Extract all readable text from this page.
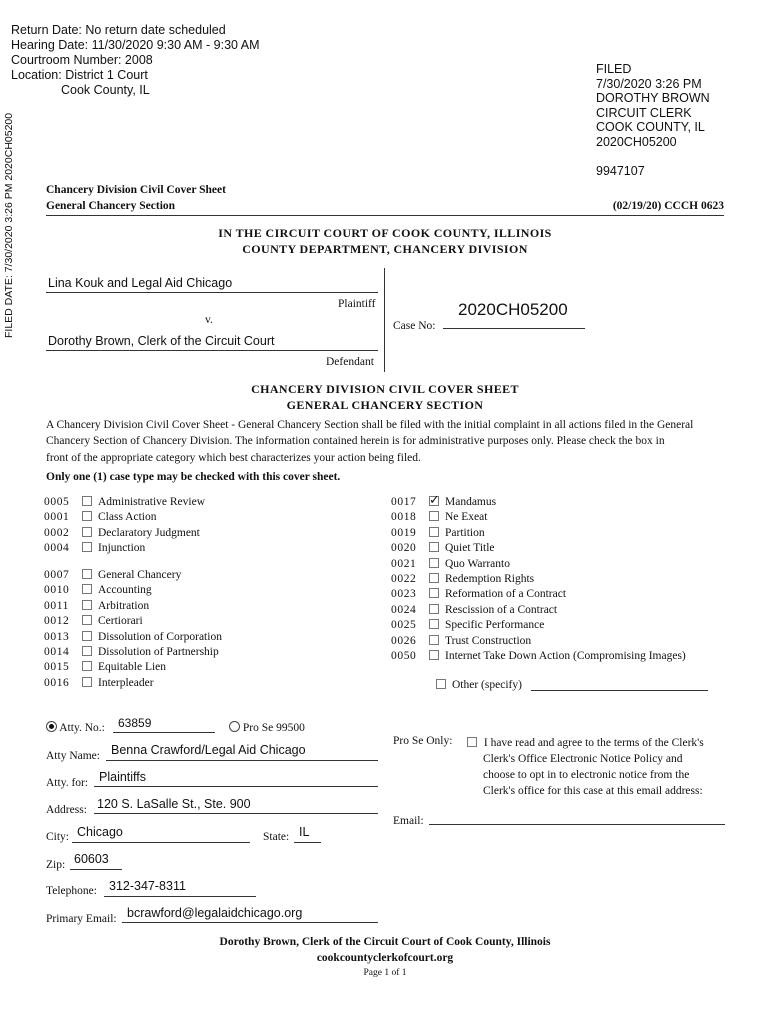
Return Date: No return date scheduled
Hearing Date: 11/30/2020 9:30 AM - 9:30 AM
Courtroom Number: 2008
Location: District 1 Court
Cook County, IL
FILED
7/30/2020 3:26 PM
DOROTHY BROWN
CIRCUIT CLERK
COOK COUNTY, IL
2020CH05200
9947107
FILED DATE: 7/30/2020 3:26 PM 2020CH05200	Chancery Division Civil Cover Sheet
General Chancery Section	(02/19/20) CCCH 0623
IN THE CIRCUIT COURT OF COOK COUNTY, ILLINOIS
COUNTY DEPARTMENT, CHANCERY DIVISION
Lina Kouk and Legal Aid Chicago
Plaintiff
v.
Dorothy Brown, Clerk of the Circuit Court
Defendant
Case No:
2020CH05200
CHANCERY DIVISION CIVIL COVER SHEET
GENERAL CHANCERY SECTION
A Chancery Division Civil Cover Sheet - General Chancery Section shall be filed with the initial complaint in all actions filed in the General
Chancery Section of Chancery Division. The information contained herein is for administrative purposes only. Please check the box in
front of the appropriate category which best characterizes your action being filed.
Only one (1) case type may be checked with this cover sheet.
0005 Administrative Review
0001 Class Action
0002 Declaratory Judgment
0004 Injunction
0007 General Chancery
0010 Accounting
0011	Arbitration
0012 Certiorari
0013 Dissolution of Corporation
0014 Dissolution of Partnership
0015 Equitable Lien
0016 Interpleader
0017 ✓ Mandamus
0018 Ne Exeat
0019 Partition
0020 Quiet Title
0021 Quo Warranto
0022 Redemption Rights
0023 Reformation of a Contract
0024 Rescission of a Contract
0025 Specific Performance
0026 Trust Construction
0050 Internet Take Down Action (Compromising Images)
Other (specify)
Atty. No.: 63859	Pro Se 99500
Atty Name: Benna Crawford/Legal Aid Chicago
Atty. for: Plaintiffs
Address: 120 S. LaSalle St., Ste. 900
City: Chicago	State: IL
Zip: 60603
Telephone: 312-347-8311
Primary Email: bcrawford@legalaidchicago.org
Pro Se Only:	I have read and agree to the terms of the Clerk's
Clerk's Office Electronic Notice Policy and
choose to opt in to electronic notice from the
Clerk's office for this case at this email address:
Email:
Dorothy Brown, Clerk of the Circuit Court of Cook County, Illinois
cookcountyclerkofcourt.org
Page 1 of 1
